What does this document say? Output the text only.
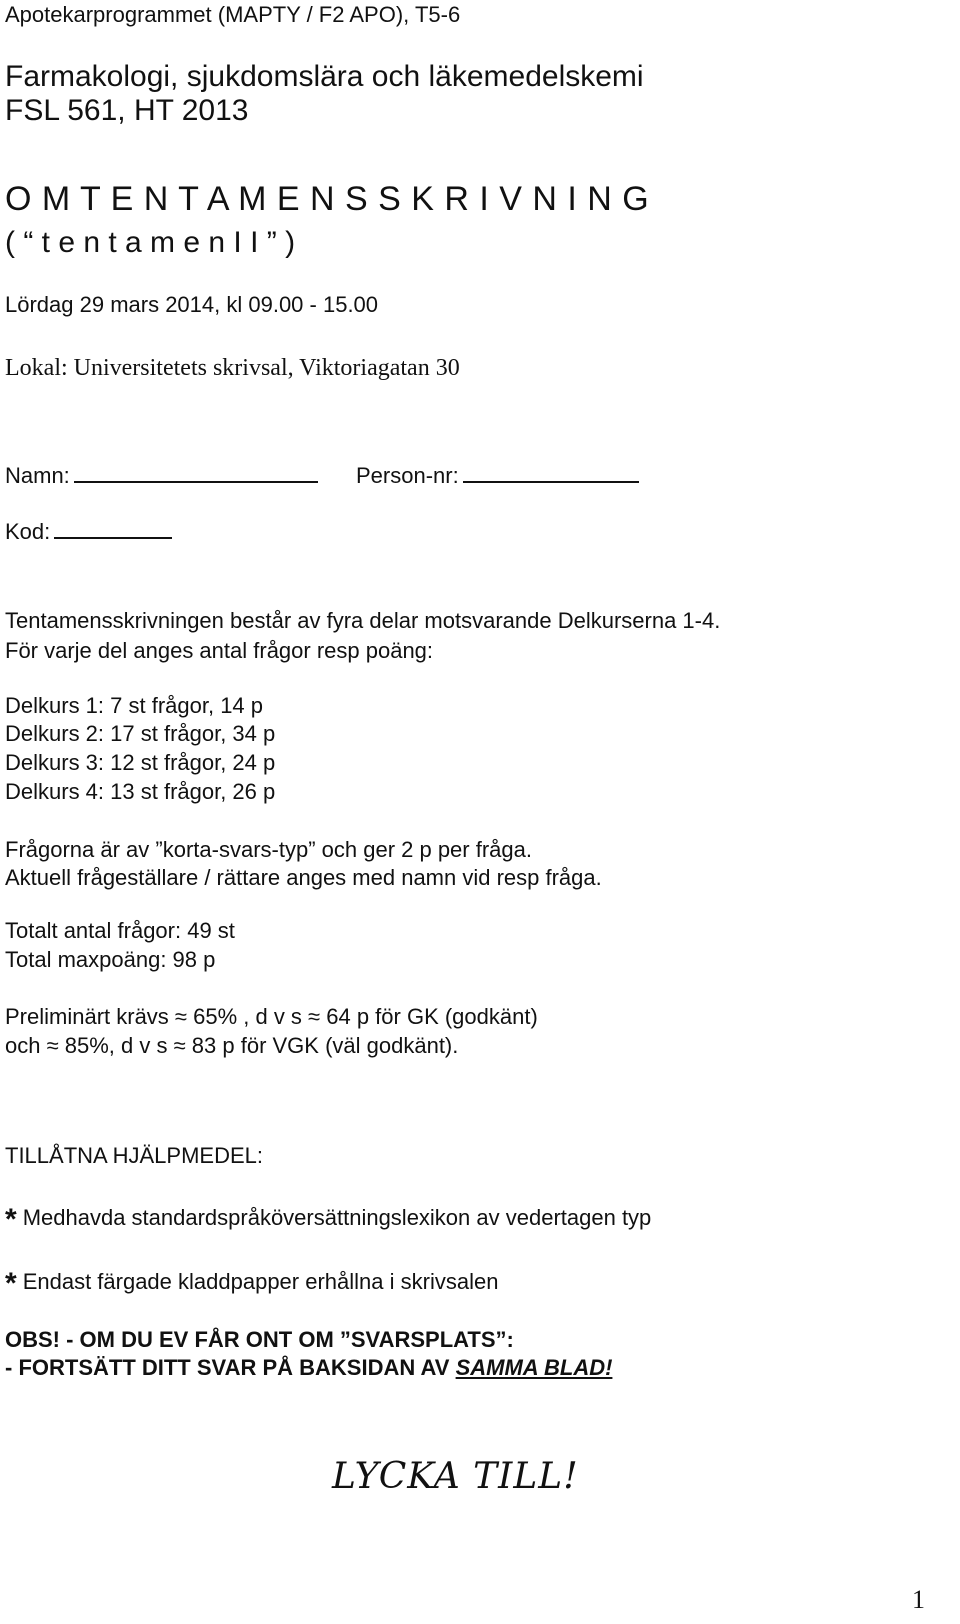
Apotekarprogrammet (MAPTY / F2 APO), T5-6
Farmakologi, sjukdomslära och läkemedelskemi
FSL 561, HT 2013
O M T E N T A M E N S S K R I V N I N G
( “ t e n t a m e n I I ” )
Lördag 29 mars 2014, kl 09.00 - 15.00
Lokal: Universitetets skrivsal, Viktoriagatan 30
Namn:	Person-nr:
Kod:
Tentamensskrivningen består av fyra delar motsvarande Delkurserna 1-4.
För varje del anges antal frågor resp poäng:
Delkurs 1: 7 st frågor, 14 p
Delkurs 2: 17 st frågor, 34 p
Delkurs 3: 12 st frågor, 24 p
Delkurs 4: 13 st frågor, 26 p
Frågorna är av ”korta-svars-typ” och ger 2 p per fråga.
Aktuell frågeställare / rättare anges med namn vid resp fråga.
Totalt antal frågor: 49 st
Total maxpoäng: 98 p
Preliminärt krävs ≈ 65% , d v s ≈ 64 p för GK (godkänt)
och ≈ 85%, d v s ≈ 83 p för VGK (väl godkänt).
TILLÅTNA HJÄLPMEDEL:
* Medhavda standardspråköversättningslexikon av vedertagen typ
* Endast färgade kladdpapper erhållna i skrivsalen
OBS! - OM DU EV FÅR ONT OM ”SVARSPLATS”:
- FORTSÄTT DITT SVAR PÅ BAKSIDAN AV SAMMA BLAD!
LYCKA TILL!
1
